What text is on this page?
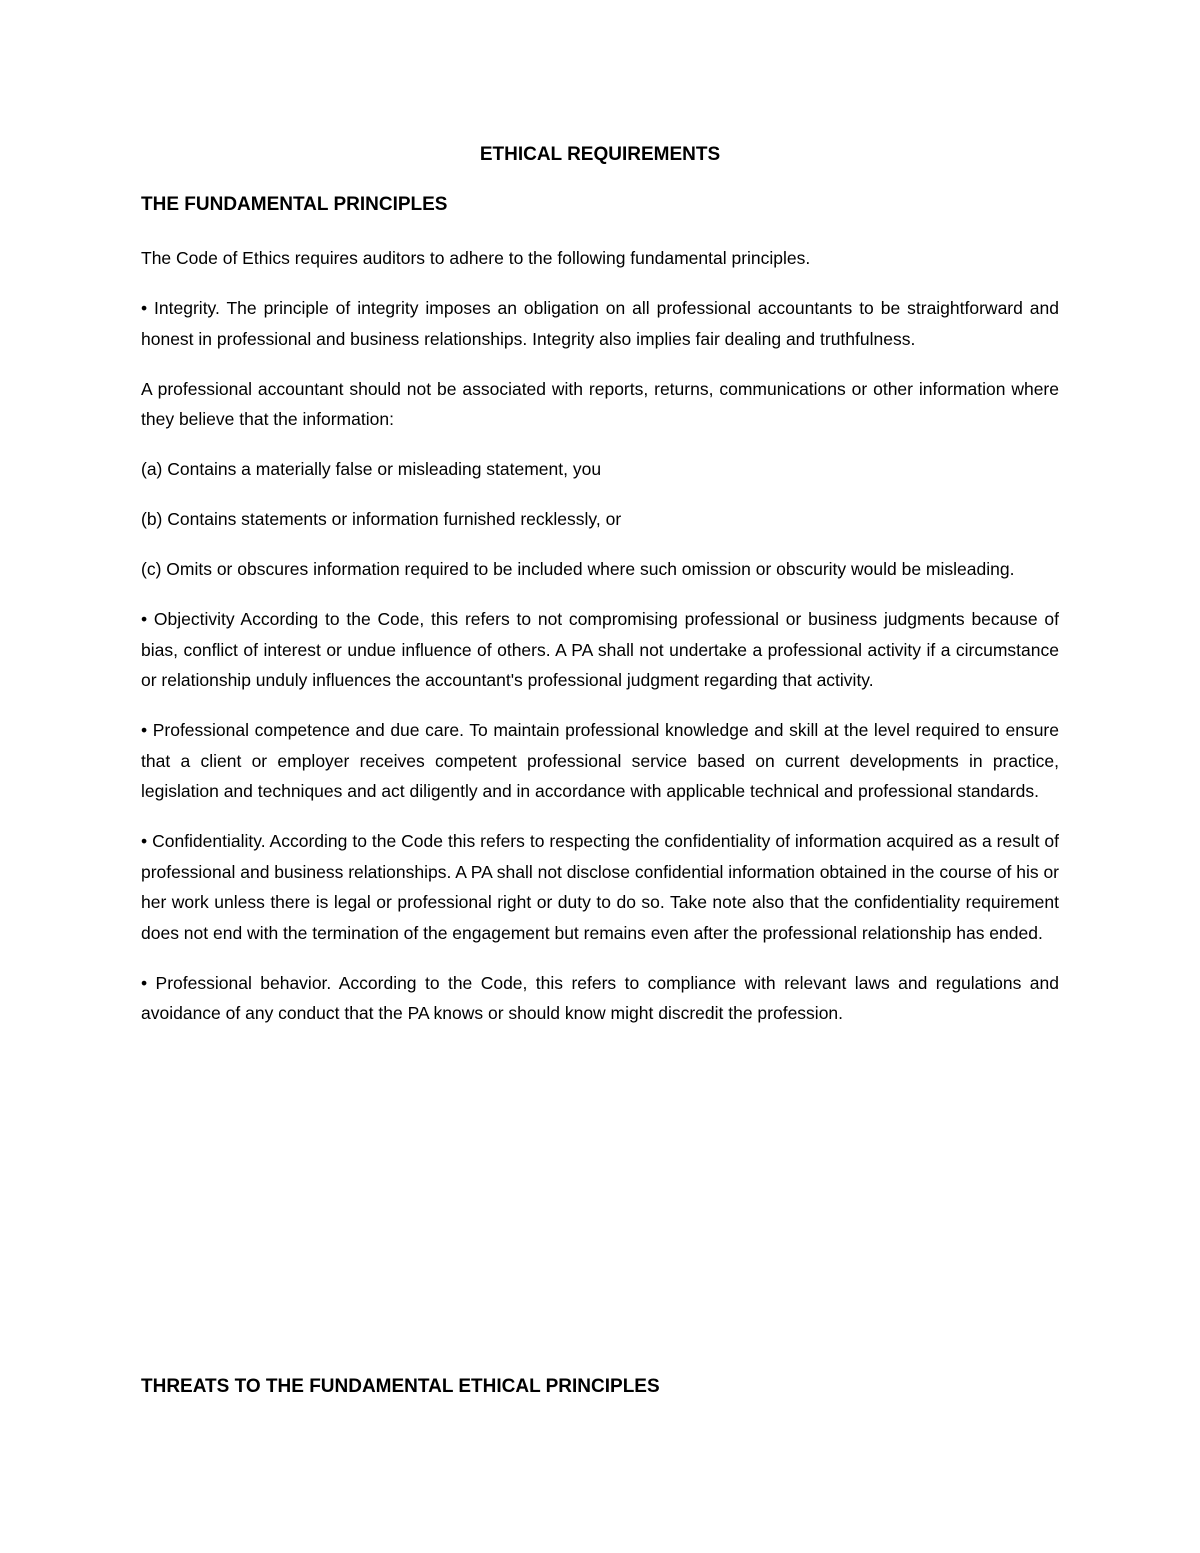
ETHICAL REQUIREMENTS
THE FUNDAMENTAL PRINCIPLES

The Code of Ethics requires auditors to adhere to the following fundamental principles.

• Integrity. The principle of integrity imposes an obligation on all professional accountants to be straightforward and honest in professional and business relationships. Integrity also implies fair dealing and truthfulness.

A professional accountant should not be associated with reports, returns, communications or other information where they believe that the information:

(a) Contains a materially false or misleading statement, you

(b) Contains statements or information furnished recklessly, or

(c) Omits or obscures information required to be included where such omission or obscurity would be misleading.

• Objectivity According to the Code, this refers to not compromising professional or business judgments because of bias, conflict of interest or undue influence of others. A PA shall not undertake a professional activity if a circumstance or relationship unduly influences the accountant's professional judgment regarding that activity.

• Professional competence and due care. To maintain professional knowledge and skill at the level required to ensure that a client or employer receives competent professional service based on current developments in practice, legislation and techniques and act diligently and in accordance with applicable technical and professional standards.

• Confidentiality. According to the Code this refers to respecting the confidentiality of information acquired as a result of professional and business relationships. A PA shall not disclose confidential information obtained in the course of his or her work unless there is legal or professional right or duty to do so. Take note also that the confidentiality requirement does not end with the termination of the engagement but remains even after the professional relationship has ended.

• Professional behavior. According to the Code, this refers to compliance with relevant laws and regulations and avoidance of any conduct that the PA knows or should know might discredit the profession.

THREATS TO THE FUNDAMENTAL ETHICAL PRINCIPLES
